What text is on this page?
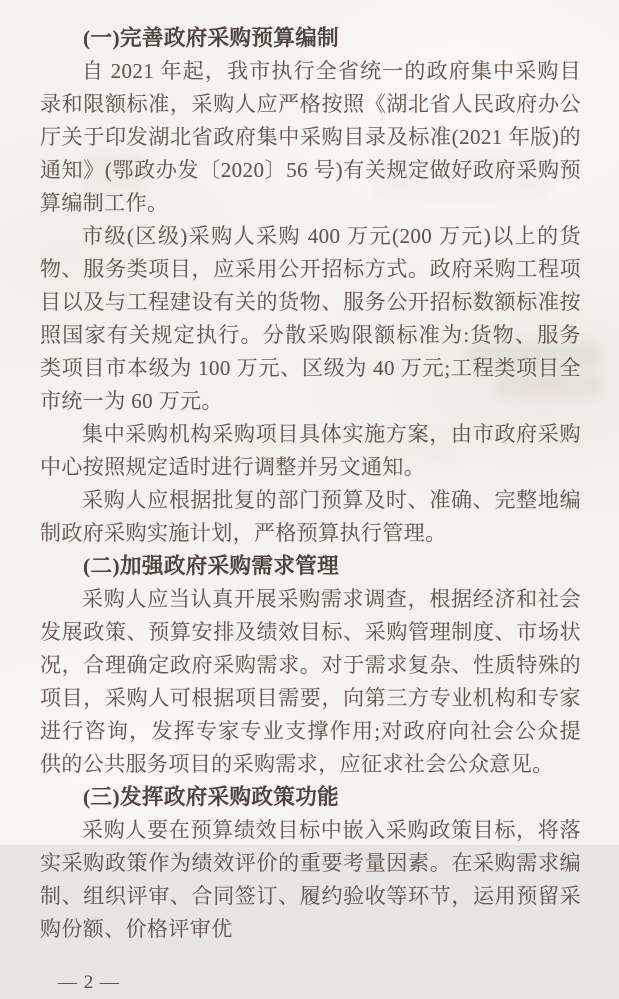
(一)完善政府采购预算编制

自 2021 年起，我市执行全省统一的政府集中采购目录和限额标准，采购人应严格按照《湖北省人民政府办公厅关于印发湖北省政府集中采购目录及标准(2021 年版)的通知》(鄂政办发〔2020〕56 号)有关规定做好政府采购预算编制工作。

市级(区级)采购人采购 400 万元(200 万元)以上的货物、服务类项目，应采用公开招标方式。政府采购工程项目以及与工程建设有关的货物、服务公开招标数额标准按照国家有关规定执行。分散采购限额标准为:货物、服务类项目市本级为 100 万元、区级为 40 万元;工程类项目全市统一为 60 万元。

集中采购机构采购项目具体实施方案，由市政府采购中心按照规定适时进行调整并另文通知。

采购人应根据批复的部门预算及时、准确、完整地编制政府采购实施计划，严格预算执行管理。

(二)加强政府采购需求管理

采购人应当认真开展采购需求调查，根据经济和社会发展政策、预算安排及绩效目标、采购管理制度、市场状况，合理确定政府采购需求。对于需求复杂、性质特殊的项目，采购人可根据项目需要，向第三方专业机构和专家进行咨询，发挥专家专业支撑作用;对政府向社会公众提供的公共服务项目的采购需求，应征求社会公众意见。

(三)发挥政府采购政策功能

采购人要在预算绩效目标中嵌入采购政策目标，将落实采购政策作为绩效评价的重要考量因素。在采购需求编制、组织评审、合同签订、履约验收等环节，运用预留采购份额、价格评审优

— 2 —
